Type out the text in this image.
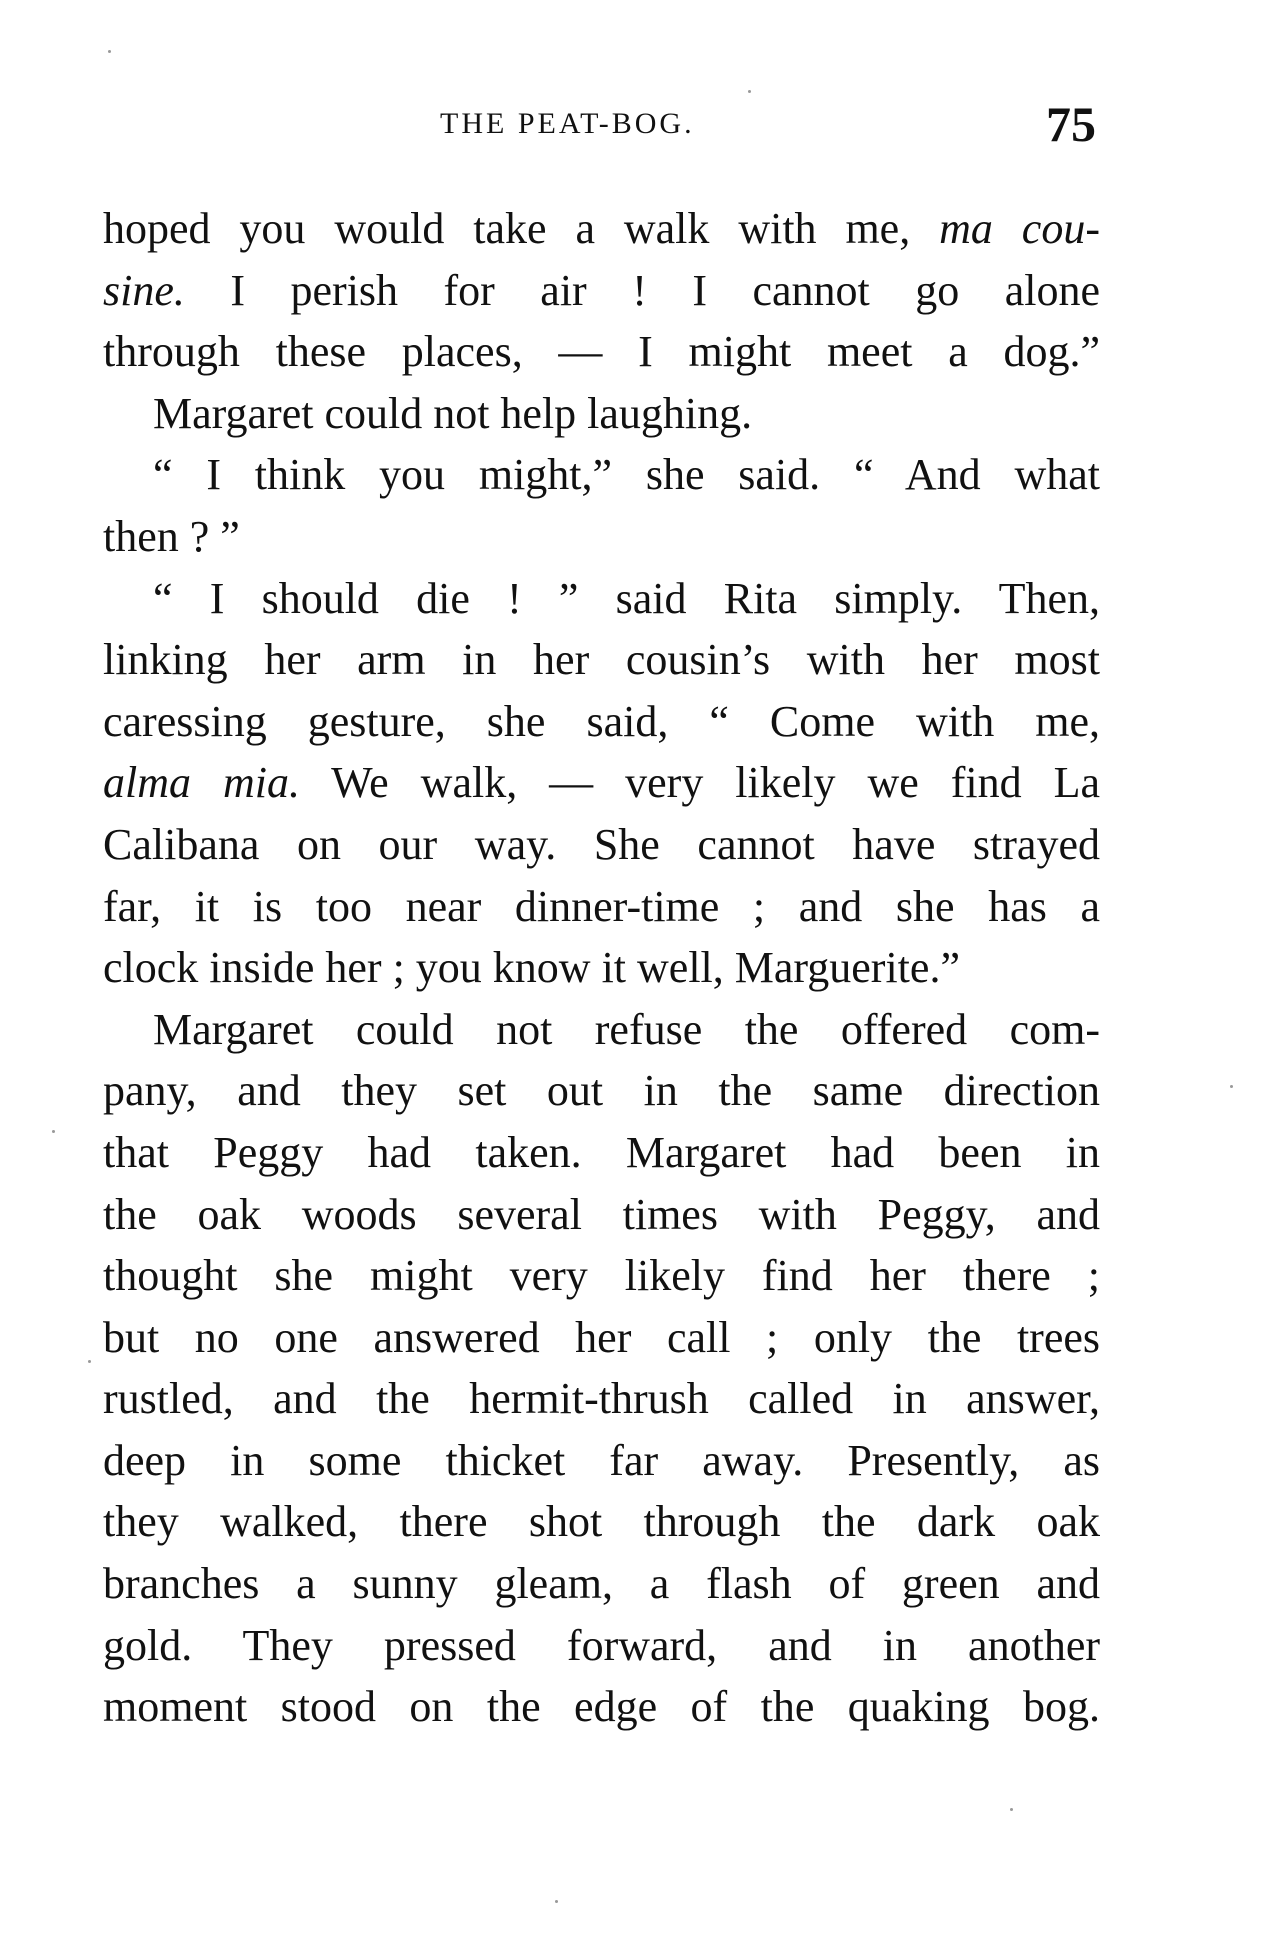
THE PEAT-BOG.	75
hoped you would take a walk with me, ma cou-
sine. I perish for air ! I cannot go alone
through these places, — I might meet a dog.”
Margaret could not help laughing.
“ I think you might,” she said. “ And what
then ? ”
“ I should die ! ” said Rita simply. Then,
linking her arm in her cousin’s with her most
caressing gesture, she said, “ Come with me,
alma mia. We walk, — very likely we find La
Calibana on our way. She cannot have strayed
far, it is too near dinner-time ; and she has a
clock inside her ; you know it well, Marguerite.”
Margaret could not refuse the offered com-
pany, and they set out in the same direction
that Peggy had taken. Margaret had been in
the oak woods several times with Peggy, and
thought she might very likely find her there ;
but no one answered her call ; only the trees
rustled, and the hermit-thrush called in answer,
deep in some thicket far away. Presently, as
they walked, there shot through the dark oak
branches a sunny gleam, a flash of green and
gold. They pressed forward, and in another
moment stood on the edge of the quaking bog.
